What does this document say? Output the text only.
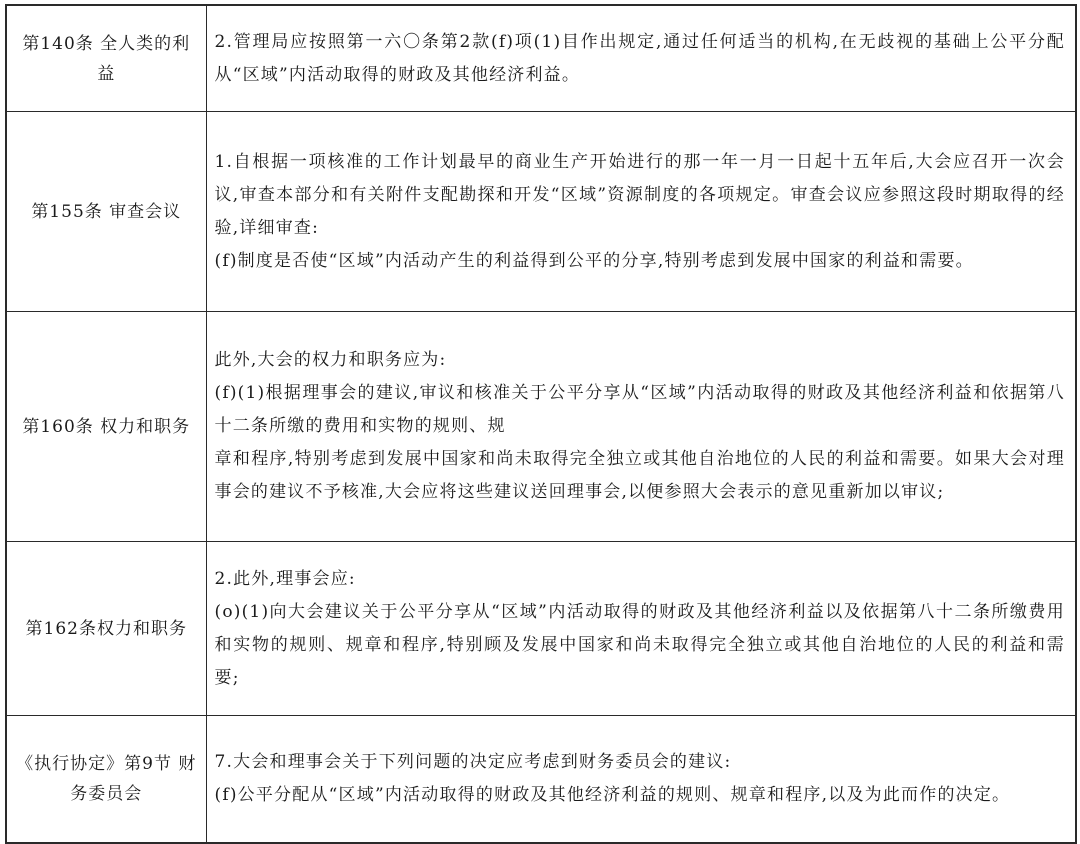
第140条 全人类的利益	2.管理局应按照第一六〇条第2款(f)项(1)目作出规定,通过任何适当的机构,在无歧视的基础上公平分配从“区域”内活动取得的财政及其他经济利益。

第155条 审查会议	1.自根据一项核准的工作计划最早的商业生产开始进行的那一年一月一日起十五年后,大会应召开一次会议,审查本部分和有关附件支配勘探和开发“区域”资源制度的各项规定。审查会议应参照这段时期取得的经验,详细审查:
(f)制度是否使“区域”内活动产生的利益得到公平的分享,特别考虑到发展中国家的利益和需要。

第160条 权力和职务	此外,大会的权力和职务应为:
(f)(1)根据理事会的建议,审议和核准关于公平分享从“区域”内活动取得的财政及其他经济利益和依据第八十二条所缴的费用和实物的规则、规
章和程序,特别考虑到发展中国家和尚未取得完全独立或其他自治地位的人民的利益和需要。如果大会对理事会的建议不予核准,大会应将这些建议送回理事会,以便参照大会表示的意见重新加以审议;

第162条权力和职务	2.此外,理事会应:
(o)(1)向大会建议关于公平分享从“区域”内活动取得的财政及其他经济利益以及依据第八十二条所缴费用和实物的规则、规章和程序,特别顾及发展中国家和尚未取得完全独立或其他自治地位的人民的利益和需要;

《执行协定》第9节 财务委员会	7.大会和理事会关于下列问题的决定应考虑到财务委员会的建议:
(f)公平分配从“区域”内活动取得的财政及其他经济利益的规则、规章和程序,以及为此而作的决定。
